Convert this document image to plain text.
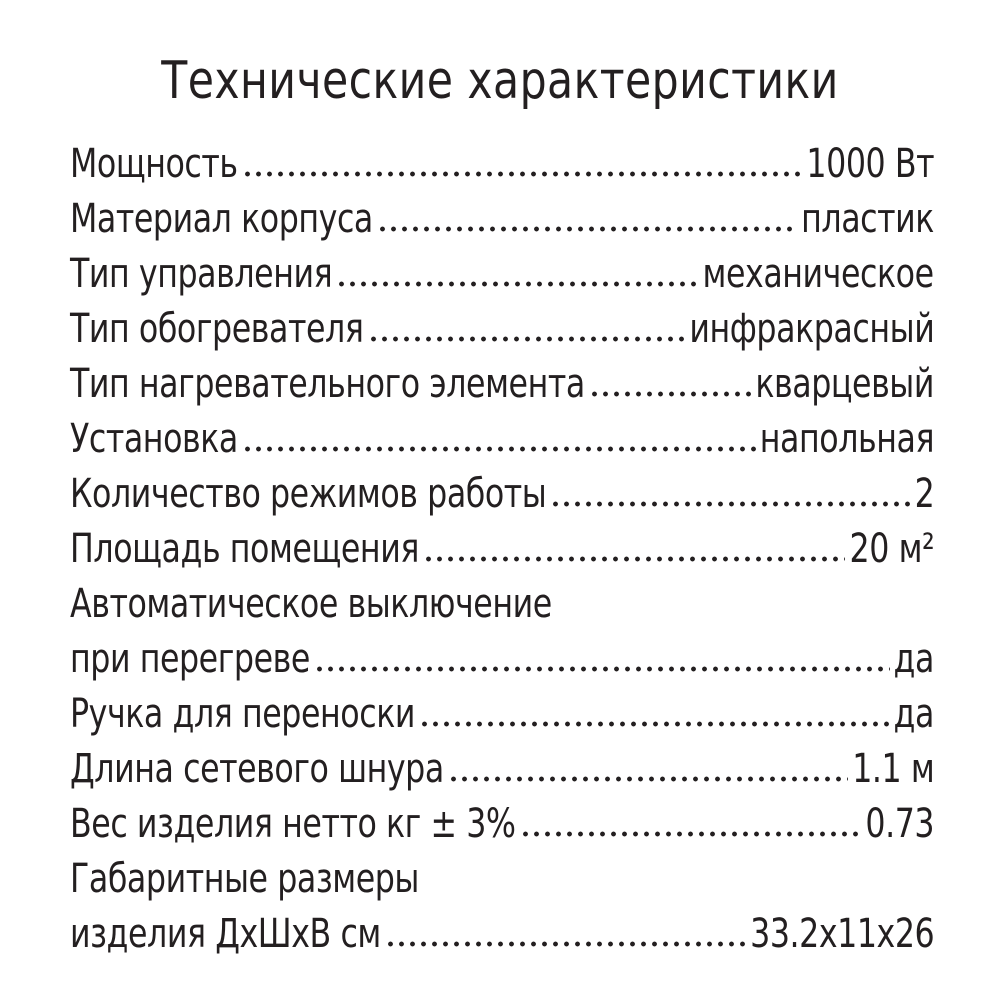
Технические характеристики
Мощность	1000 Вт
Материал корпуса	пластик
Тип управления	механическое
Тип обогревателя	инфракрасный
Тип нагревательного элемента	кварцевый
Установка	напольная
Количество режимов работы	2
Площадь помещения	20 м²
Автоматическое выключение
при перегреве	да
Ручка для переноски	да
Длина сетевого шнура	1.1 м
Вес изделия нетто кг ± 3%	0.73
Габаритные размеры
изделия ДхШхВ см	33.2x11x26
